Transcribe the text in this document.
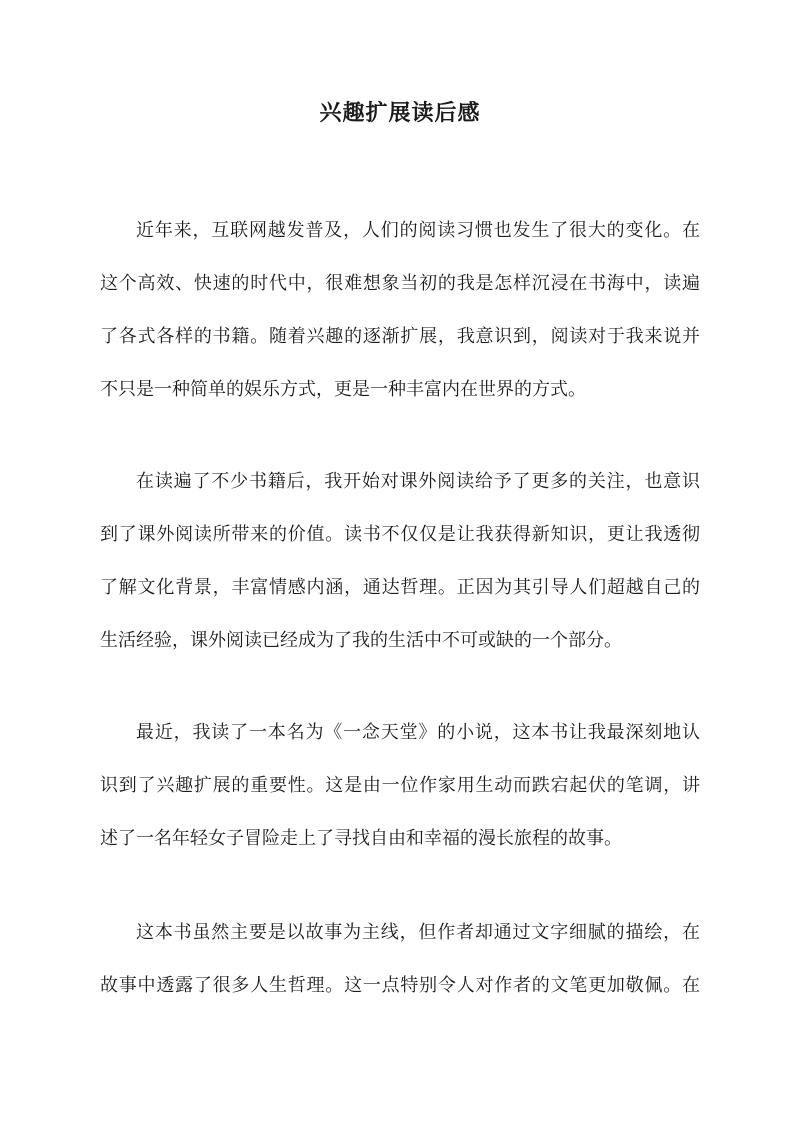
兴趣扩展读后感

近年来，互联网越发普及，人们的阅读习惯也发生了很大的变化。在
这个高效、快速的时代中，很难想象当初的我是怎样沉浸在书海中，读遍
了各式各样的书籍。随着兴趣的逐渐扩展，我意识到，阅读对于我来说并
不只是一种简单的娱乐方式，更是一种丰富内在世界的方式。

在读遍了不少书籍后，我开始对课外阅读给予了更多的关注，也意识
到了课外阅读所带来的价值。读书不仅仅是让我获得新知识，更让我透彻
了解文化背景，丰富情感内涵，通达哲理。正因为其引导人们超越自己的
生活经验，课外阅读已经成为了我的生活中不可或缺的一个部分。

最近，我读了一本名为《一念天堂》的小说，这本书让我最深刻地认
识到了兴趣扩展的重要性。这是由一位作家用生动而跌宕起伏的笔调，讲
述了一名年轻女子冒险走上了寻找自由和幸福的漫长旅程的故事。

这本书虽然主要是以故事为主线，但作者却通过文字细腻的描绘，在
故事中透露了很多人生哲理。这一点特别令人对作者的文笔更加敬佩。在
